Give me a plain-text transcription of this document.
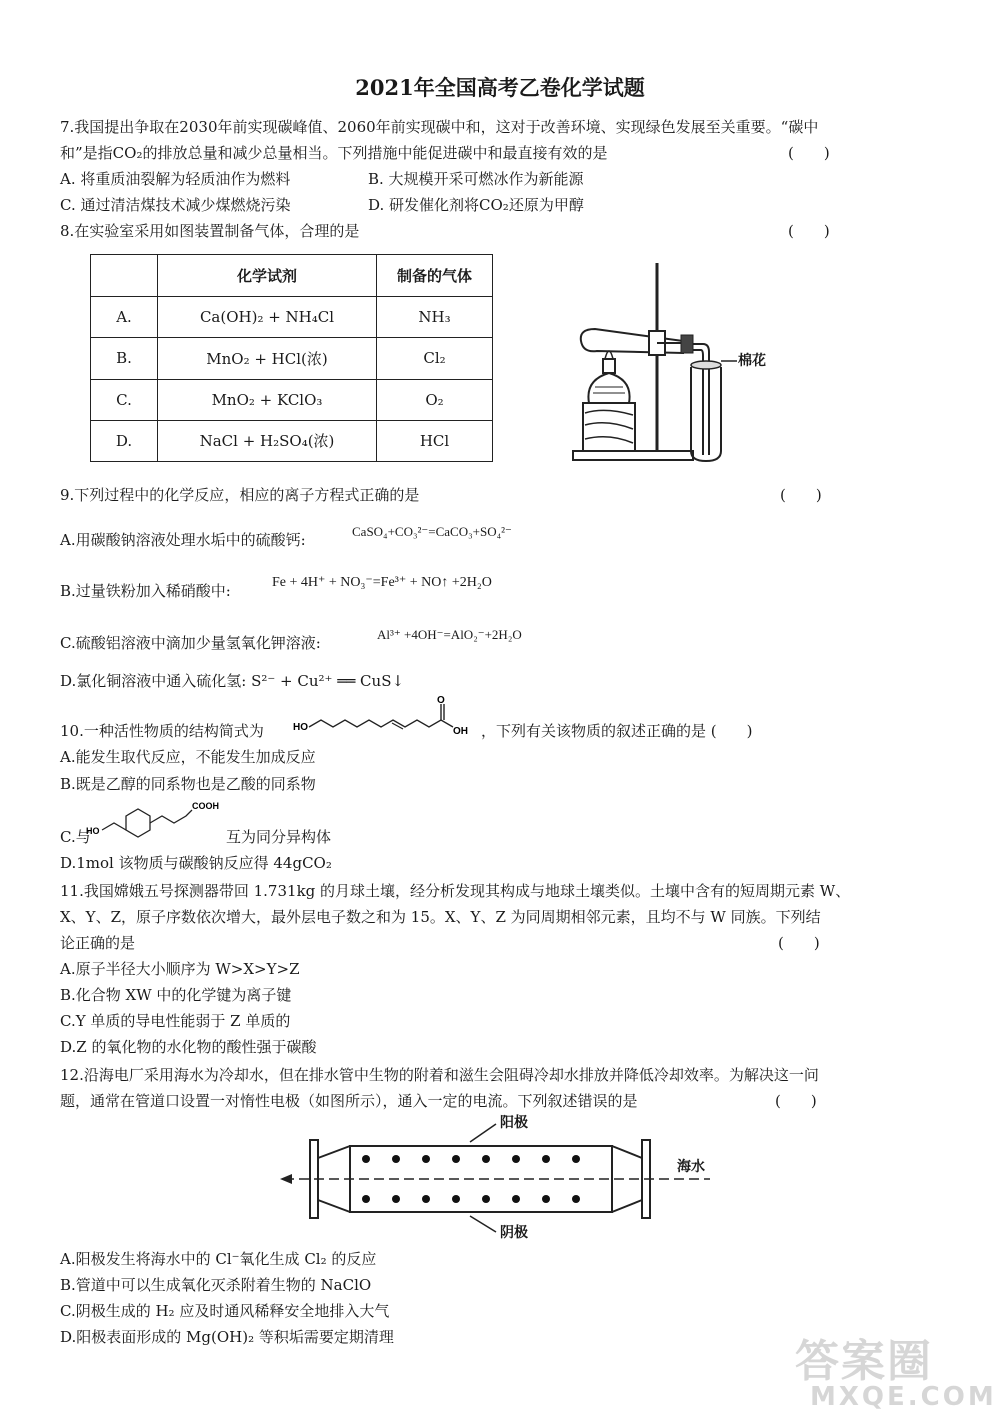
2021年全国高考乙卷化学试题
7.我国提出争取在2030年前实现碳峰值、2060年前实现碳中和，这对于改善环境、实现绿色发展至关重要。“碳中
和”是指CO₂的排放总量和减少总量相当。下列措施中能促进碳中和最直接有效的是	(　　)
A. 将重质油裂解为轻质油作为燃料	B. 大规模开采可燃冰作为新能源
C. 通过清洁煤技术减少煤燃烧污染	D. 研发催化剂将CO₂还原为甲醇
8.在实验室采用如图装置制备气体，合理的是	(　　)
	化学试剂	制备的气体
A.	Ca(OH)₂ + NH₄Cl	NH₃
B.	MnO₂ + HCl(浓)	Cl₂
C.	MnO₂ + KClO₃	O₂
D.	NaCl + H₂SO₄(浓)	HCl
棉花
9.下列过程中的化学反应，相应的离子方程式正确的是	(　　)
A.用碳酸钠溶液处理水垢中的硫酸钙:	CaSO₄+CO₃²⁻=CaCO₃+SO₄²⁻
B.过量铁粉加入稀硝酸中:	Fe + 4H⁺ + NO₃⁻=Fe³⁺ + NO↑ +2H₂O
C.硫酸铝溶液中滴加少量氢氧化钾溶液:	Al³⁺ +4OH⁻=AlO₂⁻+2H₂O
D.氯化铜溶液中通入硫化氢: S²⁻ + Cu²⁺ ══ CuS↓
10.一种活性物质的结构简式为	HO
O
OH ，下列有关该物质的叙述正确的是 (　　)
A.能发生取代反应，不能发生加成反应
B.既是乙醇的同系物也是乙酸的同系物
C.与
HO
COOH
互为同分异构体
D.1mol 该物质与碳酸钠反应得 44gCO₂
11.我国嫦娥五号探测器带回 1.731kg 的月球土壤，经分析发现其构成与地球土壤类似。土壤中含有的短周期元素 W、
X、Y、Z，原子序数依次增大，最外层电子数之和为 15。X、Y、Z 为同周期相邻元素，且均不与 W 同族。下列结
论正确的是	(　　)
A.原子半径大小顺序为 W>X>Y>Z
B.化合物 XW 中的化学键为离子键
C.Y 单质的导电性能弱于 Z 单质的
D.Z 的氧化物的水化物的酸性强于碳酸
12.沿海电厂采用海水为冷却水，但在排水管中生物的附着和滋生会阻碍冷却水排放并降低冷却效率。为解决这一问
题，通常在管道口设置一对惰性电极（如图所示），通入一定的电流。下列叙述错误的是	(　　)
阳极
阴极
海水
A.阳极发生将海水中的 Cl⁻氧化生成 Cl₂ 的反应
B.管道中可以生成氧化灭杀附着生物的 NaClO
C.阴极生成的 H₂ 应及时通风稀释安全地排入大气
D.阳极表面形成的 Mg(OH)₂ 等积垢需要定期清理	答案圈
MXQE.COM
